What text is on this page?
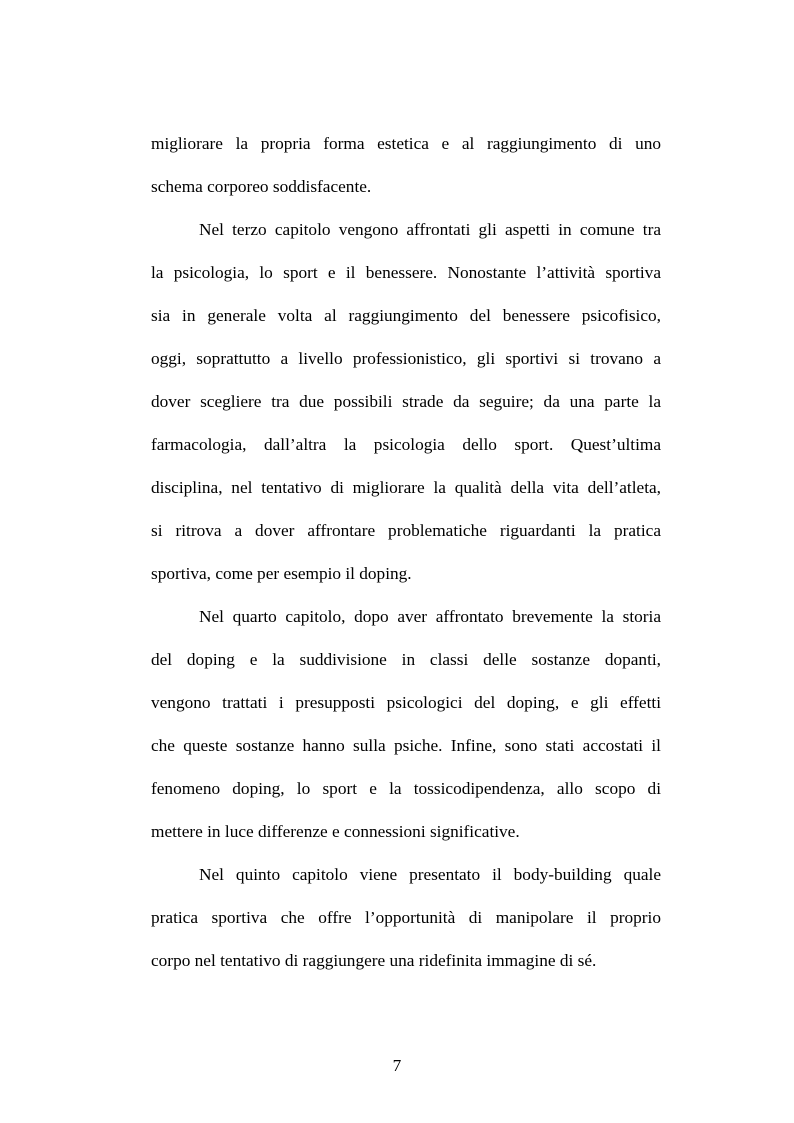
migliorare la propria forma estetica e al raggiungimento di uno
schema corporeo soddisfacente.
Nel terzo capitolo vengono affrontati gli aspetti in comune tra
la psicologia, lo sport e il benessere. Nonostante l’attività sportiva
sia in generale volta al raggiungimento del benessere psicofisico,
oggi, soprattutto a livello professionistico, gli sportivi si trovano a
dover scegliere tra due possibili strade da seguire; da una parte la
farmacologia, dall’altra la psicologia dello sport. Quest’ultima
disciplina, nel tentativo di migliorare la qualità della vita dell’atleta,
si ritrova a dover affrontare problematiche riguardanti la pratica
sportiva, come per esempio il doping.
Nel quarto capitolo, dopo aver affrontato brevemente la storia
del doping e la suddivisione in classi delle sostanze dopanti,
vengono trattati i presupposti psicologici del doping, e gli effetti
che queste sostanze hanno sulla psiche. Infine, sono stati accostati il
fenomeno doping, lo sport e la tossicodipendenza, allo scopo di
mettere in luce differenze e connessioni significative.
Nel quinto capitolo viene presentato il body-building quale
pratica sportiva che offre l’opportunità di manipolare il proprio
corpo nel tentativo di raggiungere una ridefinita immagine di sé.
7
